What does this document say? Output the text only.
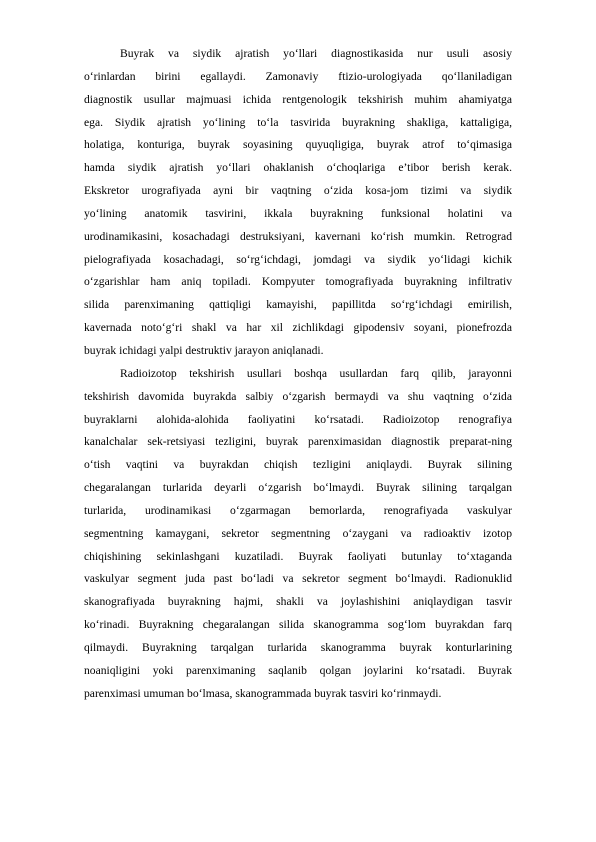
Buyrak va siydik ajratish yo‘llari diagnostikasida nur usuli asosiy
o‘rinlardan birini egallaydi. Zamonaviy ftizio-urologiyada qo‘llaniladigan
diagnostik usullar majmuasi ichida rentgenologik tekshirish muhim ahamiyatga
ega. Siydik ajratish yo‘lining to‘la tasvirida buyrakning shakliga, kattaligiga,
holatiga, konturiga, buyrak soyasining quyuqligiga, buyrak atrof to‘qimasiga
hamda siydik ajratish yo‘llari ohaklanish o‘choqlariga e’tibor berish kerak.
Ekskretor urografiyada ayni bir vaqtning o‘zida kosa-jom tizimi va siydik
yo‘lining anatomik tasvirini, ikkala buyrakning funksional holatini va
urodinamikasini, kosachadagi destruksiyani, kavernani ko‘rish mumkin. Retrograd
pielografiyada kosachadagi, so‘rg‘ichdagi, jomdagi va siydik yo‘lidagi kichik
o‘zgarishlar ham aniq topiladi. Kompyuter tomografiyada buyrakning infiltrativ
silida parenximaning qattiqligi kamayishi, papillitda so‘rg‘ichdagi emirilish,
kavernada noto‘g‘ri shakl va har xil zichlikdagi gipodensiv soyani, pionefrozda
buyrak ichidagi yalpi destruktiv jarayon aniqlanadi.
Radioizotop tekshirish usullari boshqa usullardan farq qilib, jarayonni
tekshirish davomida buyrakda salbiy o‘zgarish bermaydi va shu vaqtning o‘zida
buyraklarni alohida-alohida faoliyatini ko‘rsatadi. Radioizotop renografiya
kanalchalar sek-retsiyasi tezligini, buyrak parenximasidan diagnostik preparat-ning
o‘tish vaqtini va buyrakdan chiqish tezligini aniqlaydi. Buyrak silining
chegaralangan turlarida deyarli o‘zgarish bo‘lmaydi. Buyrak silining tarqalgan
turlarida, urodinamikasi o‘zgarmagan bemorlarda, renografiyada vaskulyar
segmentning kamaygani, sekretor segmentning o‘zaygani va radioaktiv izotop
chiqishining sekinlashgani kuzatiladi. Buyrak faoliyati butunlay to‘xtaganda
vaskulyar segment juda past bo‘ladi va sekretor segment bo‘lmaydi. Radionuklid
skanografiyada buyrakning hajmi, shakli va joylashishini aniqlaydigan tasvir
ko‘rinadi. Buyrakning chegaralangan silida skanogramma sog‘lom buyrakdan farq
qilmaydi. Buyrakning tarqalgan turlarida skanogramma buyrak konturlarining
noaniqligini yoki parenximaning saqlanib qolgan joylarini ko‘rsatadi. Buyrak
parenximasi umuman bo‘lmasa, skanogrammada buyrak tasviri ko‘rinmaydi.
